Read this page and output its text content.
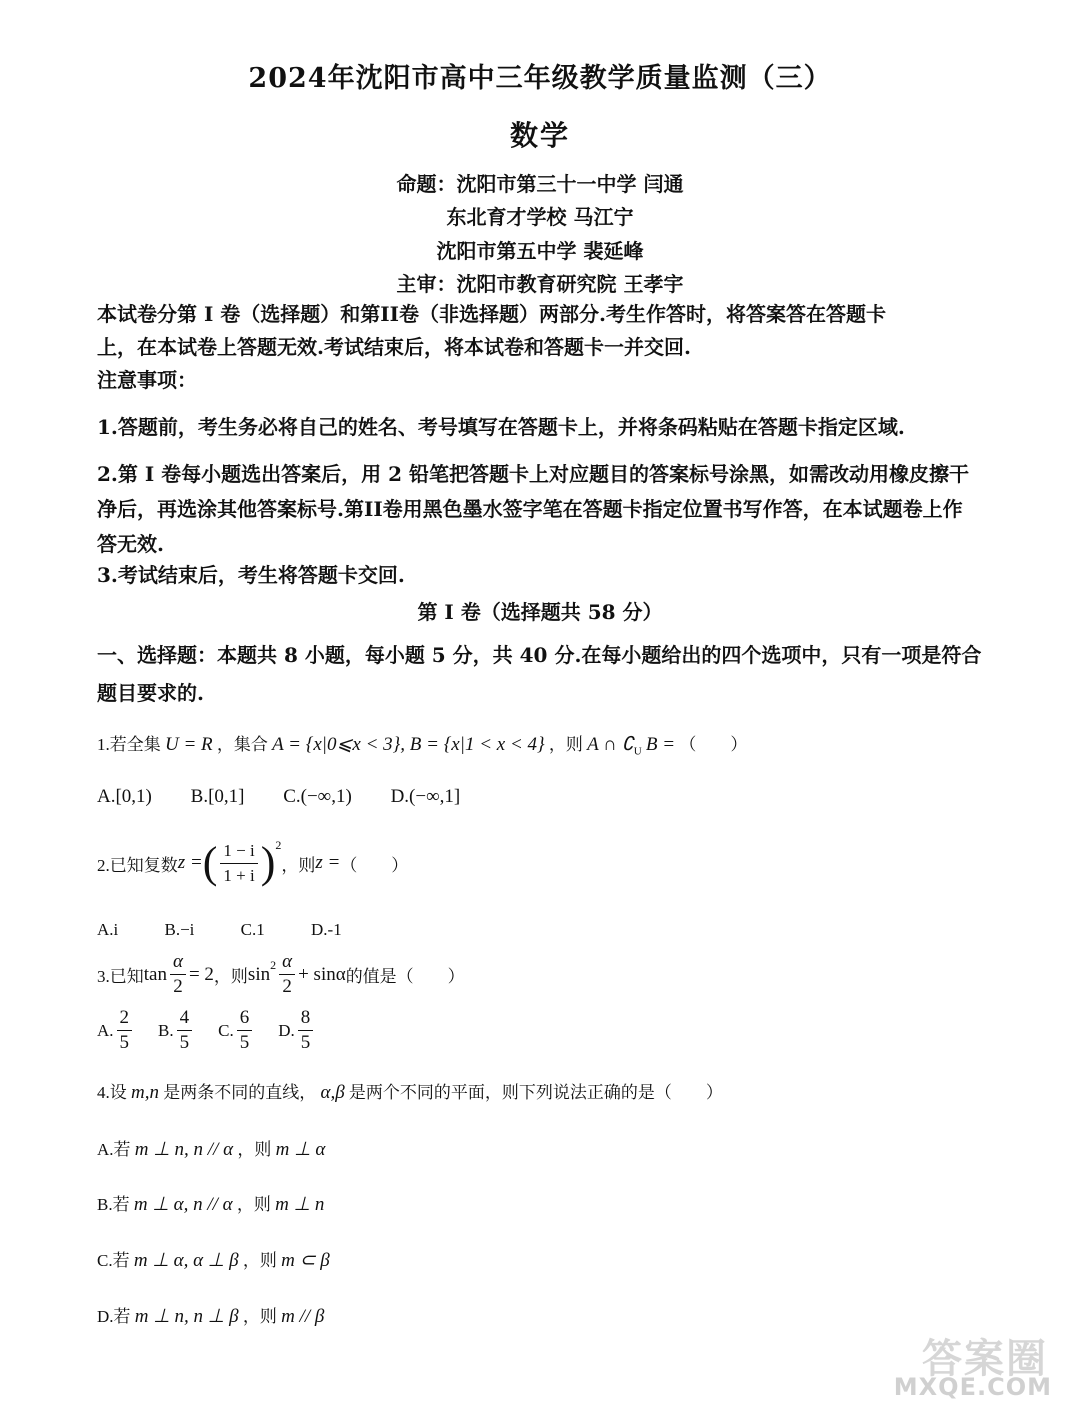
2024年沈阳市高中三年级教学质量监测（三）
数学
命题：沈阳市第三十一中学 闫通
东北育才学校 马江宁
沈阳市第五中学 裴延峰
主审：沈阳市教育研究院 王孝宇
本试卷分第 I 卷（选择题）和第II卷（非选择题）两部分.考生作答时，将答案答在答题卡
上，在本试卷上答题无效.考试结束后，将本试卷和答题卡一并交回.
注意事项：
1.答题前，考生务必将自己的姓名、考号填写在答题卡上，并将条码粘贴在答题卡指定区域.
2.第 I 卷每小题选出答案后，用 2 铅笔把答题卡上对应题目的答案标号涂黑，如需改动用橡皮擦干净后，再选涂其他答案标号.第II卷用黑色墨水签字笔在答题卡指定位置书写作答，在本试题卷上作答无效.
3.考试结束后，考生将答题卡交回.
第 I 卷（选择题共 58 分）
一、选择题：本题共 8 小题，每小题 5 分，共 40 分.在每小题给出的四个选项中，只有一项是符合题目要求的.
1.若全集 U = R ，集合 A = {x|0⩽x < 3}, B = {x|1 < x < 4} ，则 A ∩ $∁_U$ B = （　　）
A.[0,1) B.[0,1] C.(−∞,1) D.(−∞,1]
2.已知复数 z = ( $\frac{1 - i}{1 + i}$ ) 2
，则 z = （　　）
A.i	B.−i	C.1	D.-1
3.已知 $\tan \frac{\alpha}{2} = 2$ ，则 $\sin 2 \frac{\alpha}{2} + \sin\alpha$ 的值是（　　）
A. $\frac{2}{5} B$. $\frac{4}{5} C$. $\frac{6}{5} D$. $\frac{8}{5}$
4.设 m,n 是两条不同的直线， α,β 是两个不同的平面，则下列说法正确的是（　　）
A.若 m ⊥ n, n // α ，则 m ⊥ α
B.若 m ⊥ α, n // α ，则 m ⊥ n
C.若 m ⊥ α, α ⊥ β ，则 m ⊂ β
D.若 m ⊥ n, n ⊥ β ，则 m // β
答案圈
MXQE.COM
